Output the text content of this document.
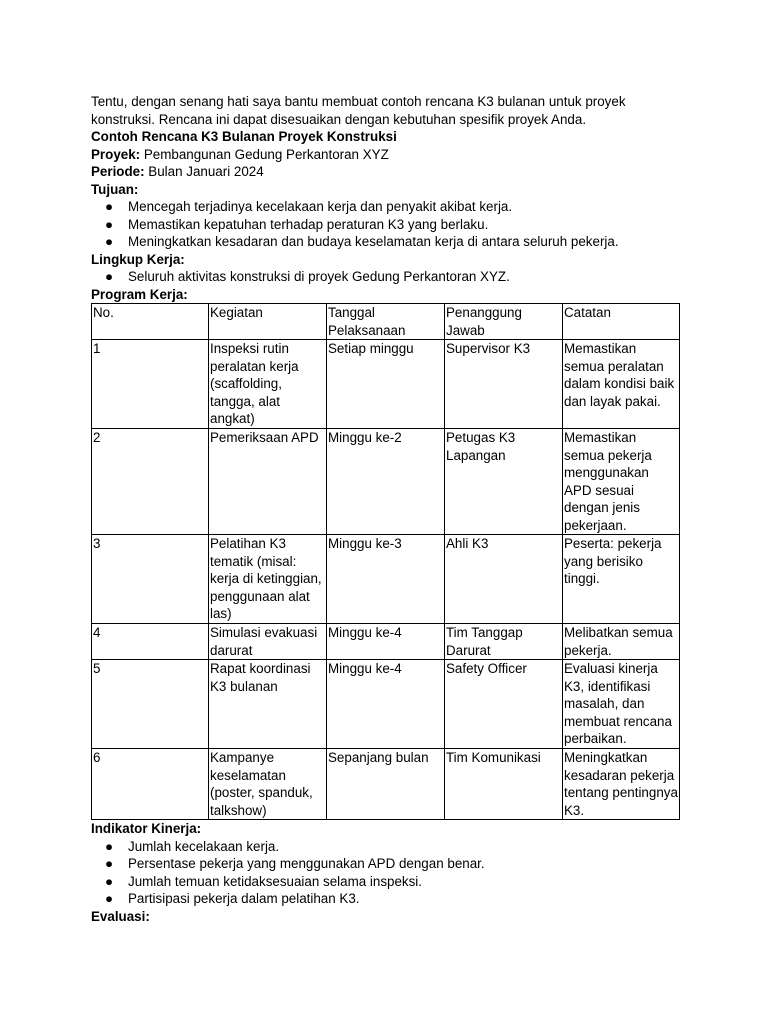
Tentu, dengan senang hati saya bantu membuat contoh rencana K3 bulanan untuk proyek konstruksi. Rencana ini dapat disesuaikan dengan kebutuhan spesifik proyek Anda.

Contoh Rencana K3 Bulanan Proyek Konstruksi

Proyek: Pembangunan Gedung Perkantoran XYZ

Periode: Bulan Januari 2024

Tujuan:

● Mencegah terjadinya kecelakaan kerja dan penyakit akibat kerja.
● Memastikan kepatuhan terhadap peraturan K3 yang berlaku.
● Meningkatkan kesadaran dan budaya keselamatan kerja di antara seluruh pekerja.

Lingkup Kerja:

● Seluruh aktivitas konstruksi di proyek Gedung Perkantoran XYZ.

Program Kerja:

No.	Kegiatan	Tanggal Pelaksanaan	Penanggung Jawab	Catatan
1	Inspeksi rutin peralatan kerja (scaffolding, tangga, alat angkat)	Setiap minggu	Supervisor K3	Memastikan semua peralatan dalam kondisi baik dan layak pakai.
2	Pemeriksaan APD	Minggu ke-2	Petugas K3 Lapangan	Memastikan semua pekerja menggunakan APD sesuai dengan jenis pekerjaan.
3	Pelatihan K3 tematik (misal: kerja di ketinggian, penggunaan alat las)	Minggu ke-3	Ahli K3	Peserta: pekerja yang berisiko tinggi.
4	Simulasi evakuasi darurat	Minggu ke-4	Tim Tanggap Darurat	Melibatkan semua pekerja.
5	Rapat koordinasi K3 bulanan	Minggu ke-4	Safety Officer	Evaluasi kinerja K3, identifikasi masalah, dan membuat rencana perbaikan.
6	Kampanye keselamatan (poster, spanduk, talkshow)	Sepanjang bulan	Tim Komunikasi	Meningkatkan kesadaran pekerja tentang pentingnya K3.

Indikator Kinerja:

● Jumlah kecelakaan kerja.
● Persentase pekerja yang menggunakan APD dengan benar.
● Jumlah temuan ketidaksesuaian selama inspeksi.
● Partisipasi pekerja dalam pelatihan K3.

Evaluasi:
